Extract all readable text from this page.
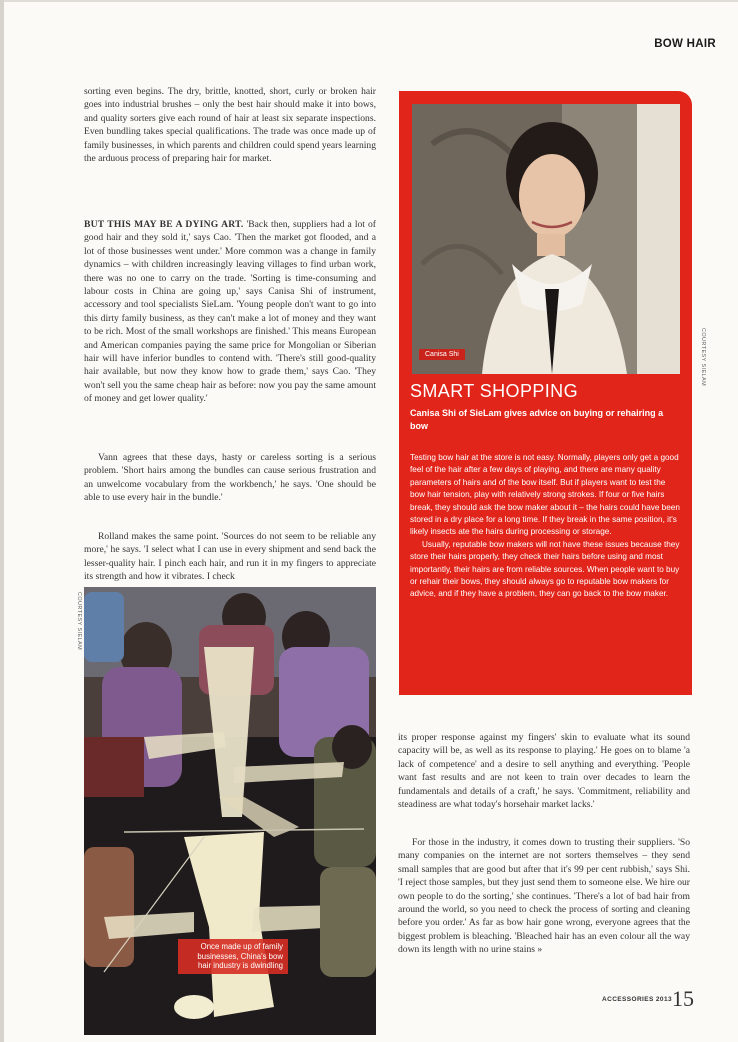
BOW HAIR

sorting even begins. The dry, brittle, knotted, short, curly or broken hair goes into industrial brushes – only the best hair should make it into bows, and quality sorters give each round of hair at least six separate inspections. Even bundling takes special qualifications. The trade was once made up of family businesses, in which parents and children could spend years learning the arduous process of preparing hair for market.

BUT THIS MAY BE A DYING ART. 'Back then, suppliers had a lot of good hair and they sold it,' says Cao. 'Then the market got flooded, and a lot of those businesses went under.' More common was a change in family dynamics – with children increasingly leaving villages to find urban work, there was no one to carry on the trade. 'Sorting is time-consuming and labour costs in China are going up,' says Canisa Shi of instrument, accessory and tool specialists SieLam. 'Young people don't want to go into this dirty family business, as they can't make a lot of money and they want to be rich. Most of the small workshops are finished.' This means European and American companies paying the same price for Mongolian or Siberian hair will have inferior bundles to contend with. 'There's still good-quality hair available, but now they know how to grade them,' says Cao. 'They won't sell you the same cheap hair as before: now you pay the same amount of money and get lower quality.'

Vann agrees that these days, hasty or careless sorting is a serious problem. 'Short hairs among the bundles can cause serious frustration and an unwelcome vocabulary from the workbench,' he says. 'One should be able to use every hair in the bundle.'

Rolland makes the same point. 'Sources do not seem to be reliable any more,' he says. 'I select what I can use in every shipment and send back the lesser-quality hair. I pinch each hair, and run it in my fingers to appreciate its strength and how it vibrates. I check

COURTESY SIELAM
Once made up of family businesses, China's bow hair industry is dwindling
COURTESY SIELAM
Canisa Shi
SMART SHOPPING
Canisa Shi of SieLam gives advice on buying or rehairing a bow

Testing bow hair at the store is not easy. Normally, players only get a good feel of the hair after a few days of playing, and there are many quality parameters of hairs and of the bow itself. But if players want to test the bow hair tension, play with relatively strong strokes. If four or five hairs break, they should ask the bow maker about it – the hairs could have been stored in a dry place for a long time. If they break in the same position, it's likely insects ate the hairs during processing or storage.

Usually, reputable bow makers will not have these issues because they store their hairs properly, they check their hairs before using and most importantly, their hairs are from reliable sources. When people want to buy or rehair their bows, they should always go to reputable bow makers for advice, and if they have a problem, they can go back to the bow maker.

its proper response against my fingers' skin to evaluate what its sound capacity will be, as well as its response to playing.' He goes on to blame 'a lack of competence' and a desire to sell anything and everything. 'People want fast results and are not keen to train over decades to learn the fundamentals and details of a craft,' he says. 'Commitment, reliability and steadiness are what today's horsehair market lacks.'

For those in the industry, it comes down to trusting their suppliers. 'So many companies on the internet are not sorters themselves – they send small samples that are good but after that it's 99 per cent rubbish,' says Shi. 'I reject those samples, but they just send them to someone else. We hire our own people to do the sorting,' she continues. 'There's a lot of bad hair from around the world, so you need to check the process of sorting and cleaning before you order.' As far as bow hair gone wrong, everyone agrees that the biggest problem is bleaching. 'Bleached hair has an even colour all the way down its length with no urine stains »

ACCESSORIES 2013 15
